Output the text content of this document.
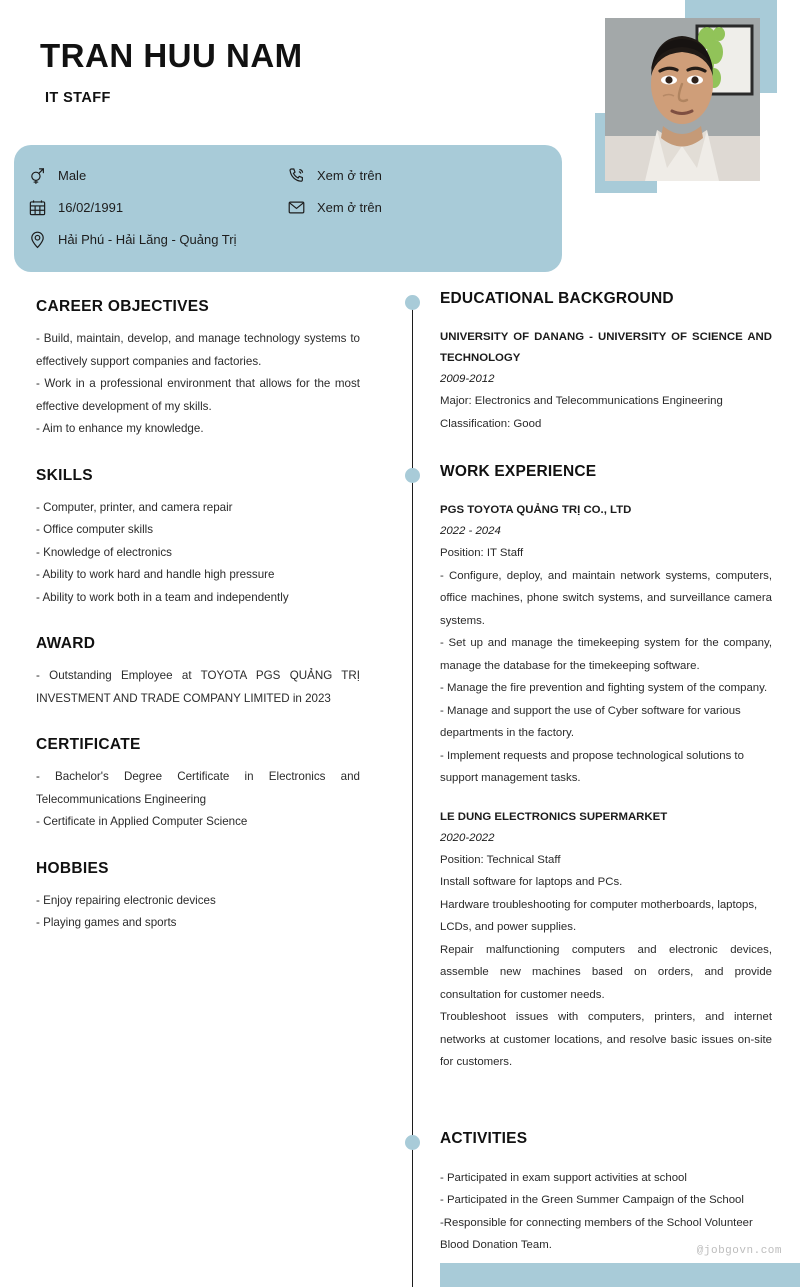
TRAN HUU NAM
IT STAFF
Male
16/02/1991
Hải Phú - Hải Lăng - Quảng Trị
Xem ở trên
Xem ở trên
CAREER OBJECTIVES

- Build, maintain, develop, and manage technology systems to effectively support companies and factories.

- Work in a professional environment that allows for the most effective development of my skills.

- Aim to enhance my knowledge.

SKILLS

- Computer, printer, and camera repair

- Office computer skills

- Knowledge of electronics

- Ability to work hard and handle high pressure

- Ability to work both in a team and independently

AWARD

- Outstanding Employee at TOYOTA PGS QUẢNG TRỊ INVESTMENT AND TRADE COMPANY LIMITED in 2023

CERTIFICATE

- Bachelor's Degree Certificate in Electronics and Telecommunications Engineering

- Certificate in Applied Computer Science

HOBBIES

- Enjoy repairing electronic devices

- Playing games and sports

EDUCATIONAL BACKGROUND
UNIVERSITY OF DANANG - UNIVERSITY OF SCIENCE AND TECHNOLOGY
2009-2012
Major: Electronics and Telecommunications Engineering
Classification: Good
WORK EXPERIENCE
PGS TOYOTA QUẢNG TRỊ CO., LTD
2022 - 2024
Position: IT Staff
- Configure, deploy, and maintain network systems, computers, office machines, phone switch systems, and surveillance camera systems.
- Set up and manage the timekeeping system for the company, manage the database for the timekeeping software.
- Manage the fire prevention and fighting system of the company.
- Manage and support the use of Cyber software for various departments in the factory.
- Implement requests and propose technological solutions to support management tasks.
LE DUNG ELECTRONICS SUPERMARKET
2020-2022
Position: Technical Staff
Install software for laptops and PCs.
Hardware troubleshooting for computer motherboards, laptops, LCDs, and power supplies.
Repair malfunctioning computers and electronic devices, assemble new machines based on orders, and provide consultation for customer needs.
Troubleshoot issues with computers, printers, and internet networks at customer locations, and resolve basic issues on-site for customers.
ACTIVITIES
- Participated in exam support activities at school
- Participated in the Green Summer Campaign of the School
-Responsible for connecting members of the School Volunteer Blood Donation Team.	@jobgovn.com
